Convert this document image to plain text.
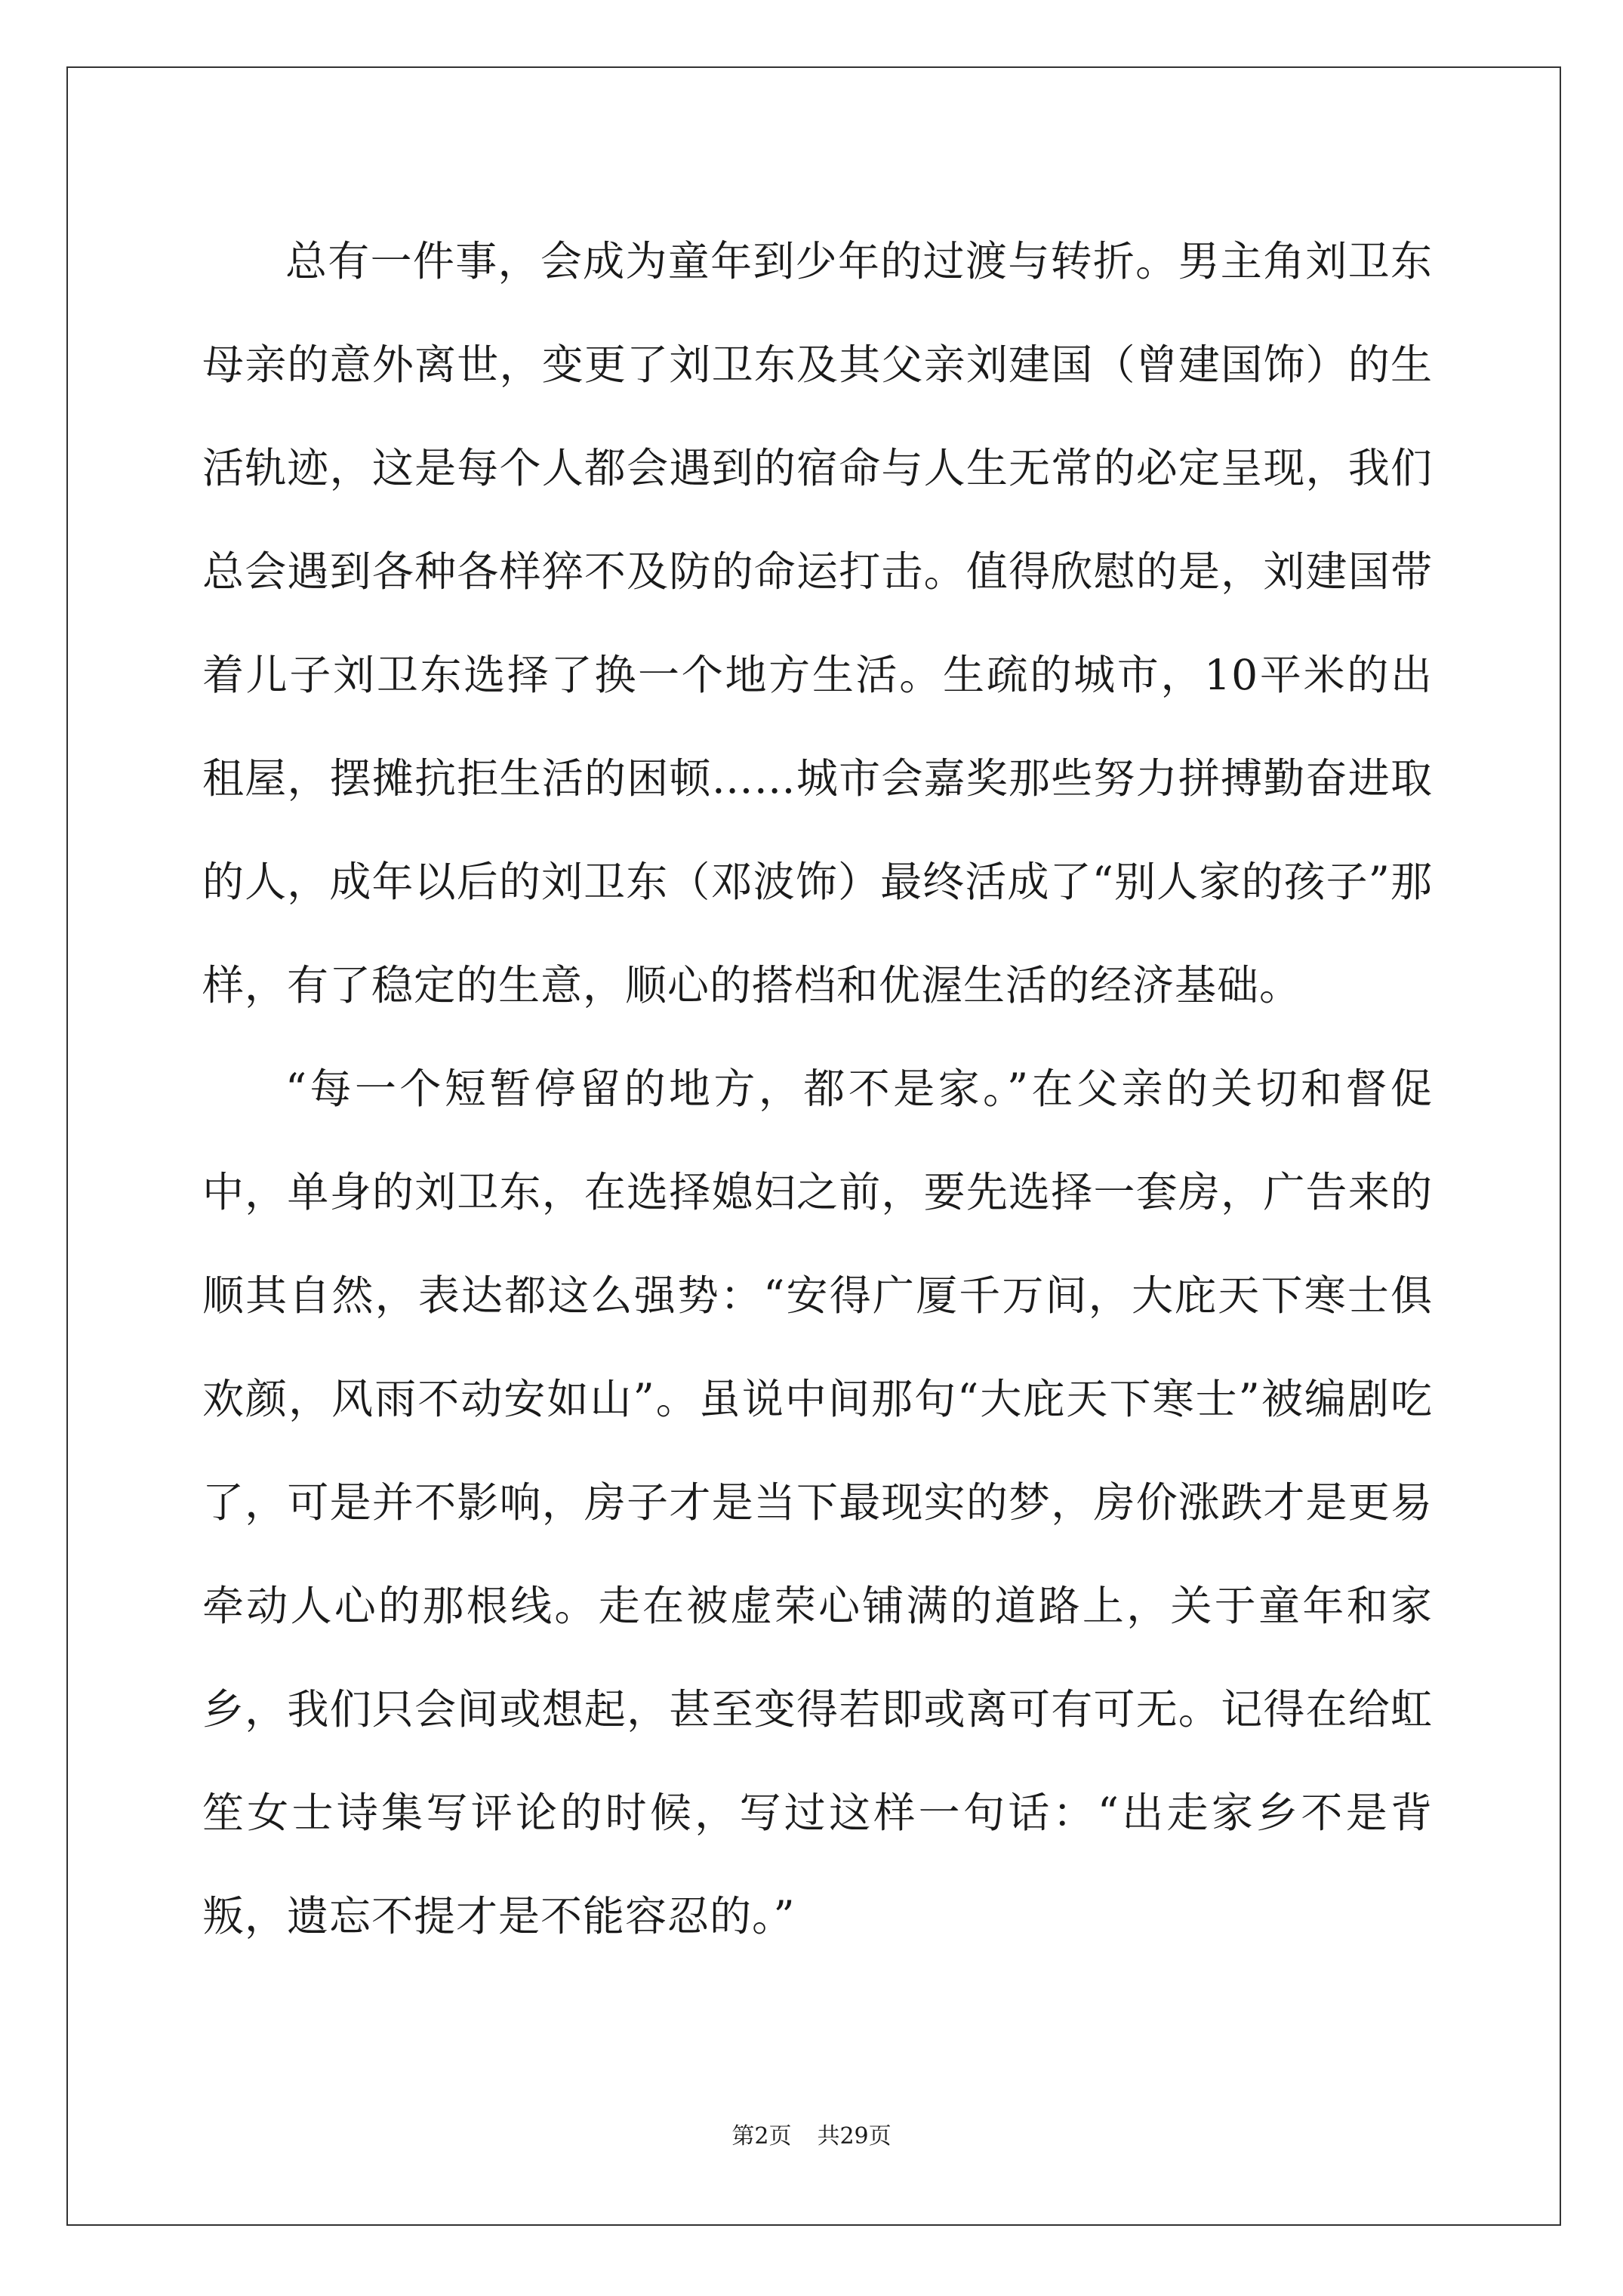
总有一件事，会成为童年到少年的过渡与转折。男主角刘卫东母亲的意外离世，变更了刘卫东及其父亲刘建国（曾建国饰）的生活轨迹，这是每个人都会遇到的宿命与人生无常的必定呈现，我们总会遇到各种各样猝不及防的命运打击。值得欣慰的是，刘建国带着儿子刘卫东选择了换一个地方生活。生疏的城市，10平米的出租屋，摆摊抗拒生活的困顿……城市会嘉奖那些努力拼搏勤奋进取的人，成年以后的刘卫东（邓波饰）最终活成了“别人家的孩子”那样，有了稳定的生意，顺心的搭档和优渥生活的经济基础。

“每一个短暂停留的地方，都不是家。”在父亲的关切和督促中，单身的刘卫东，在选择媳妇之前，要先选择一套房，广告来的顺其自然，表达都这么强势：“安得广厦千万间，大庇天下寒士俱欢颜，风雨不动安如山”。虽说中间那句“大庇天下寒士”被编剧吃了，可是并不影响，房子才是当下最现实的梦，房价涨跌才是更易牵动人心的那根线。走在被虚荣心铺满的道路上，关于童年和家乡，我们只会间或想起，甚至变得若即或离可有可无。记得在给虹笙女士诗集写评论的时候，写过这样一句话：“出走家乡不是背叛，遗忘不提才是不能容忍的。”

第2页 共29页
